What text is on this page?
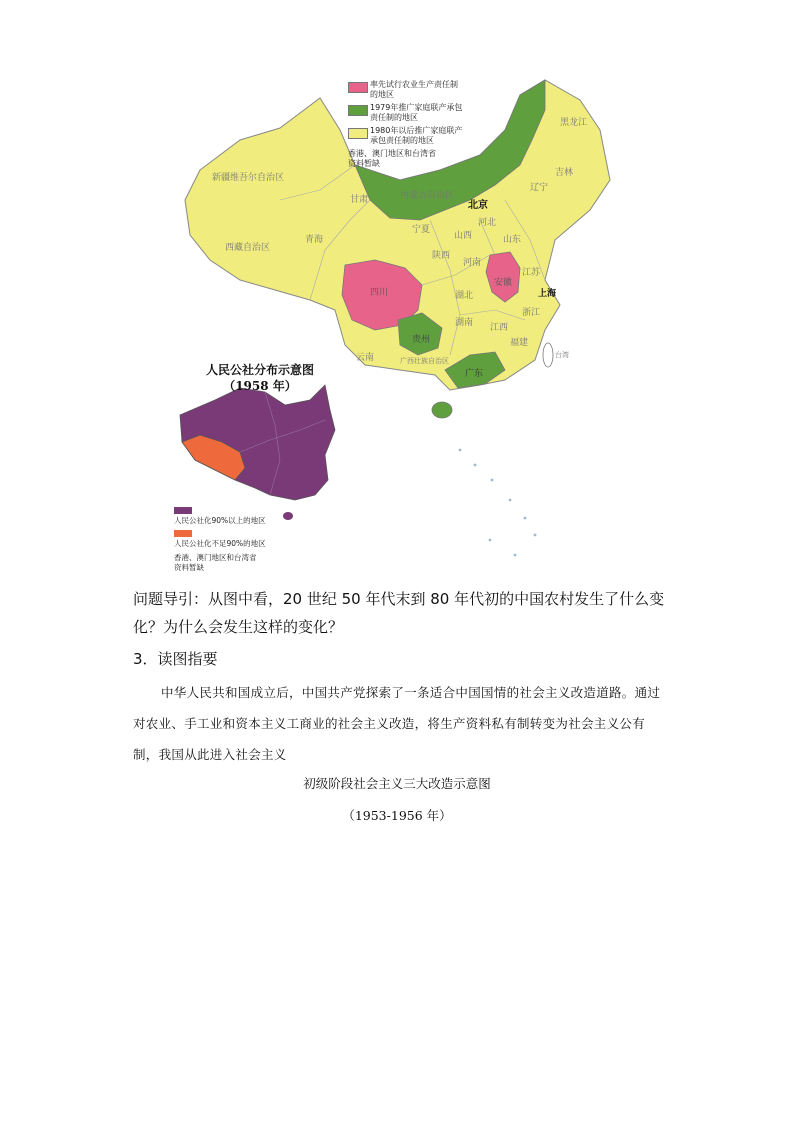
率先试行农业生产责任制
的地区
1979年推广家庭联产承包
责任制的地区
1980年以后推广家庭联产
承包责任制的地区
香港、澳门地区和台湾省
资料暂缺
新疆维吾尔自治区
西藏自治区
青海
甘肃	内蒙古自治区
黑龙江
吉林
辽宁
河北
山西	山东
河南
陕西
宁夏
四川	湖北
安徽
江苏
浙江
湖南 江西
福建
贵州
云南	广西壮族自治区
广东
台湾
北京
上海
人民公社分布示意图
（1958 年）
人民公社化90%以上的地区
人民公社化不足90%的地区
香港、澳门地区和台湾省
资料暂缺
问题导引：从图中看，20 世纪 50 年代末到 80 年代初的中国农村发生了什么变化？为什么会发生这样的变化？
3．读图指要
中华人民共和国成立后，中国共产党探索了一条适合中国国情的社会主义改造道路。通过对农业、手工业和资本主义工商业的社会主义改造，将生产资料私有制转变为社会主义公有制，我国从此进入社会主义
初级阶段社会主义三大改造示意图
（1953-1956 年）
